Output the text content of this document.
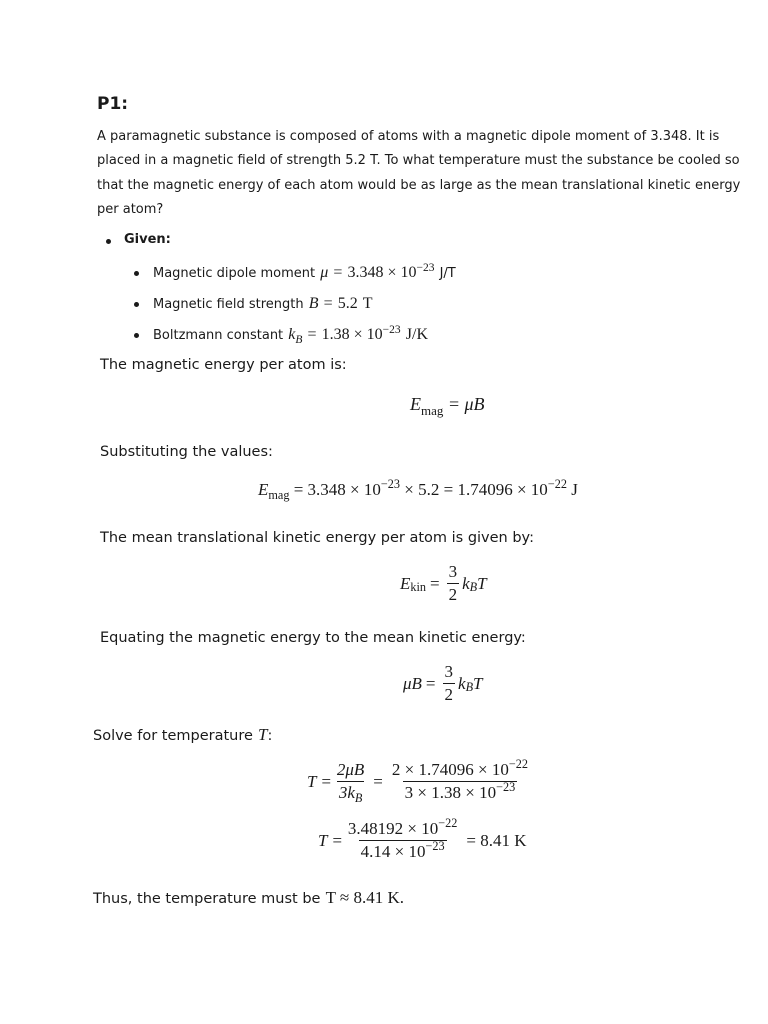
P1:
A paramagnetic substance is composed of atoms with a magnetic dipole moment of 3.348. It is
placed in a magnetic field of strength 5.2 T. To what temperature must the substance be cooled so
that the magnetic energy of each atom would be as large as the mean translational kinetic energy
per atom?
Given:
Magnetic dipole moment $\mu = 3.348 \times 10^{-23}$ J/T
Magnetic field strength B = 5.2 T
Boltzmann constant $k_B = 1.38 \times 10^{-23}$ J/K
The magnetic energy per atom is:
$E_{mag} = \mu B$
Substituting the values:
$E_{mag} = 3.348 \times 10^{-23} \times 5.2 = 1.74096 \times 10^{-22}$ J
The mean translational kinetic energy per atom is given by:
$E_{kin} = \frac{3}{2} k_B$ T
Equating the magnetic energy to the mean kinetic energy:
$\mu B = \frac{3}{2} k_B$ T
Solve for temperature T:
$T = \frac{2\mu B}{3k_B} = \frac{2 \times 1.74096 \times 10^{-22}}{3 \times 1.38 \times 10^{-23}}$
$T = \frac{3.48192 \times 10^{-22}}{4.14 \times 10^{-23}} = 8.41$ K
Thus, the temperature must be T ≈ 8.41 K.
